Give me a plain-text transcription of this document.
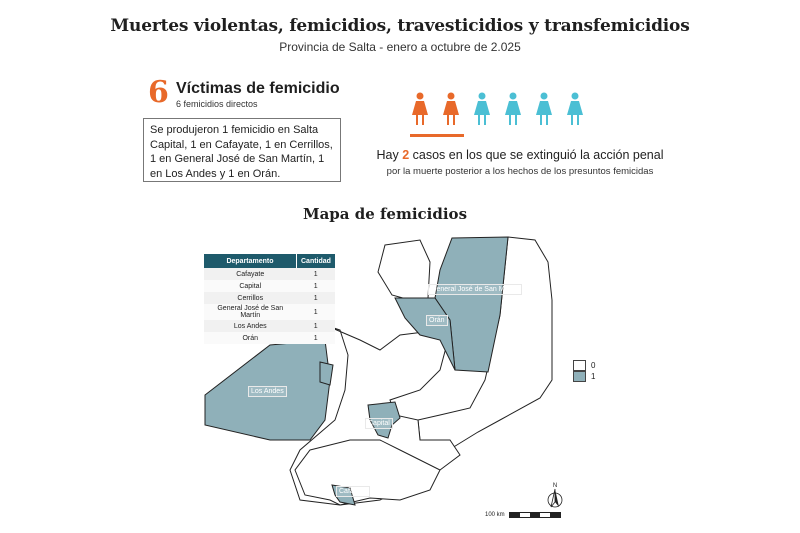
Muertes violentas, femicidios, travesticidios y transfemicidios
Provincia de Salta - enero a octubre de 2.025
6 Víctimas de femicidio
6 femicidios directos
Se produjeron 1 femicidio en Salta Capital, 1 en Cafayate, 1 en Cerrillos, 1 en General José de San Martín, 1 en Los Andes y 1 en Orán.
Hay 2 casos en los que se extinguió la acción penal
por la muerte posterior a los hechos de los presuntos femicidas
Mapa de femicidios
General José de San Martín
Orán
Los Andes
Capital
Cafayate
Departamento	Cantidad
Cafayate	1
Capital	1
Cerrillos	1
General José de San Martín	1
Los Andes	1
Orán	1
0
1
N
100 km
